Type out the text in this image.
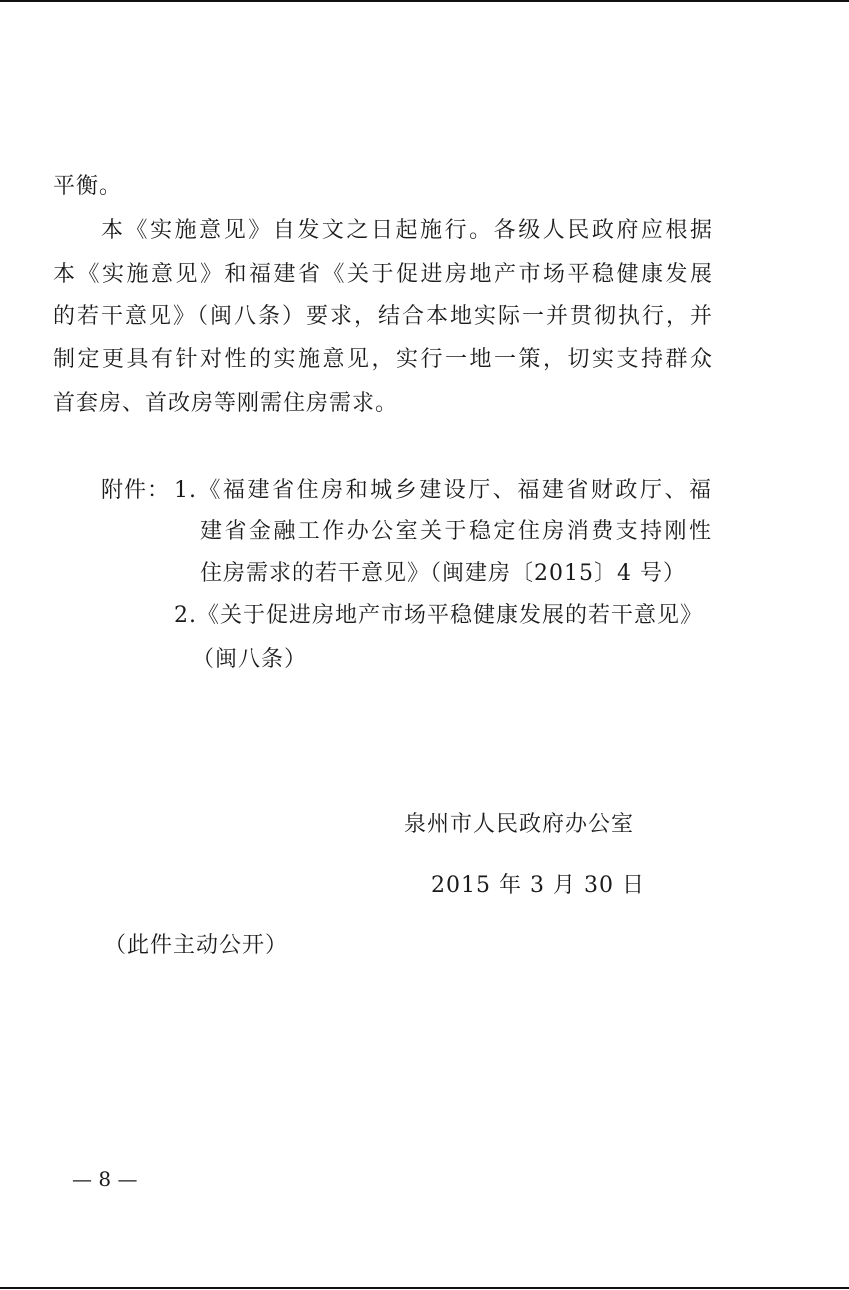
平衡。
本《实施意见》自发文之日起施行。各级人民政府应根据
本《实施意见》和福建省《关于促进房地产市场平稳健康发展
的若干意见》（闽八条）要求，结合本地实际一并贯彻执行，并
制定更具有针对性的实施意见，实行一地一策，切实支持群众
首套房、首改房等刚需住房需求。
附件： 1.《福建省住房和城乡建设厅、福建省财政厅、福
建省金融工作办公室关于稳定住房消费支持刚性
住房需求的若干意见》（闽建房〔2015〕4 号）
2.《关于促进房地产市场平稳健康发展的若干意见》
（闽八条）
泉州市人民政府办公室
2015 年 3 月 30 日
（此件主动公开）
— 8 —
